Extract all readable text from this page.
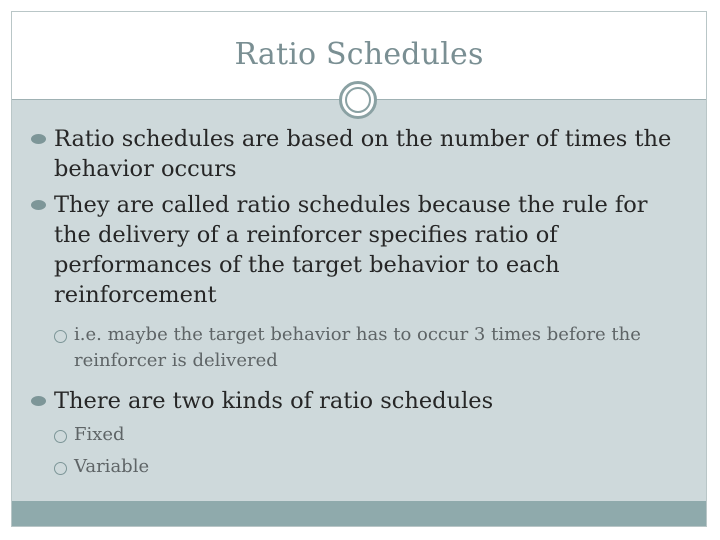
Ratio Schedules
Ratio schedules are based on the number of times the behavior occurs
They are called ratio schedules because the rule for the delivery of a reinforcer specifies ratio of performances of the target behavior to each reinforcement
i.e. maybe the target behavior has to occur 3 times before the reinforcer is delivered
There are two kinds of ratio schedules
Fixed
Variable
